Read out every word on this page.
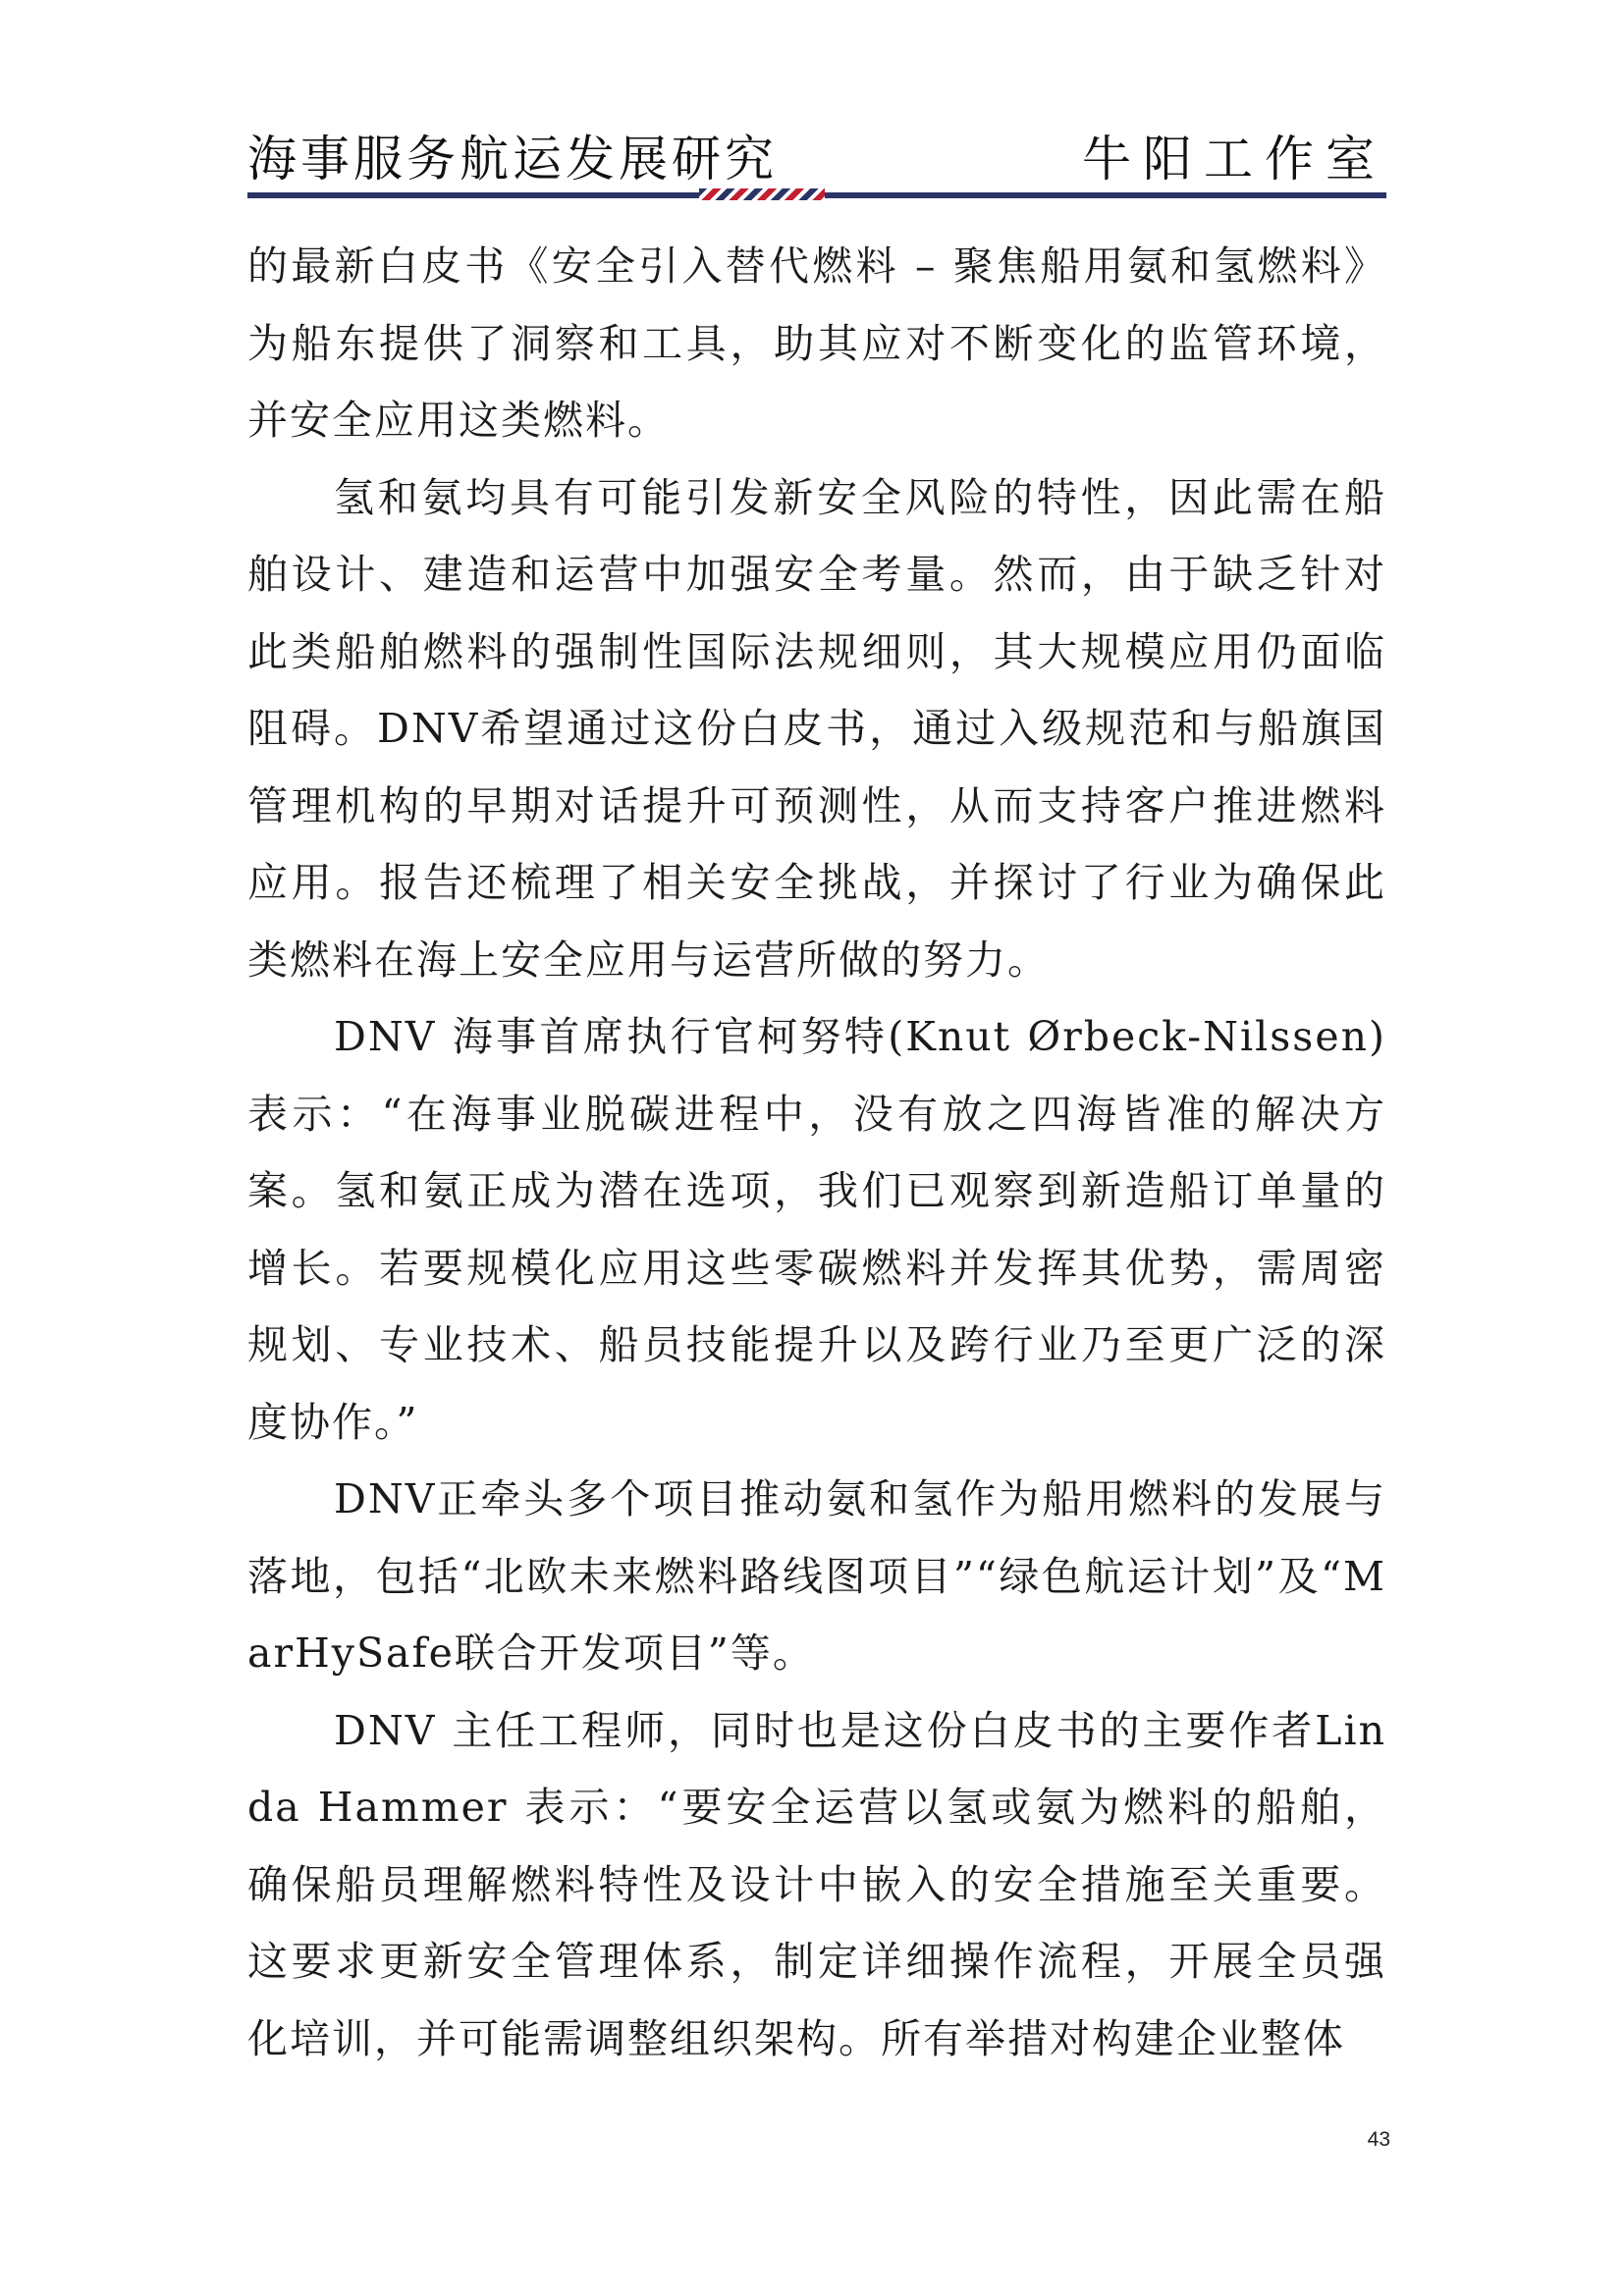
海事服务航运发展研究	牛阳工作室

的最新白皮书《安全引入替代燃料 – 聚焦船用氨和氢燃料》为船东提供了洞察和工具，助其应对不断变化的监管环境，并安全应用这类燃料。

氢和氨均具有可能引发新安全风险的特性，因此需在船舶设计、建造和运营中加强安全考量。然而，由于缺乏针对此类船舶燃料的强制性国际法规细则，其大规模应用仍面临阻碍。DNV希望通过这份白皮书，通过入级规范和与船旗国管理机构的早期对话提升可预测性，从而支持客户推进燃料应用。报告还梳理了相关安全挑战，并探讨了行业为确保此类燃料在海上安全应用与运营所做的努力。

DNV 海事首席执行官柯努特(Knut Ørbeck-Nilssen)表示：“在海事业脱碳进程中，没有放之四海皆准的解决方案。氢和氨正成为潜在选项，我们已观察到新造船订单量的增长。若要规模化应用这些零碳燃料并发挥其优势，需周密规划、专业技术、船员技能提升以及跨行业乃至更广泛的深度协作。”

DNV正牵头多个项目推动氨和氢作为船用燃料的发展与落地，包括“北欧未来燃料路线图项目”“绿色航运计划”及“MarHySafe联合开发项目”等。

DNV 主任工程师，同时也是这份白皮书的主要作者Linda Hammer 表示：“要安全运营以氢或氨为燃料的船舶，确保船员理解燃料特性及设计中嵌入的安全措施至关重要。这要求更新安全管理体系，制定详细操作流程，开展全员强化培训，并可能需调整组织架构。所有举措对构建企业整体

43
